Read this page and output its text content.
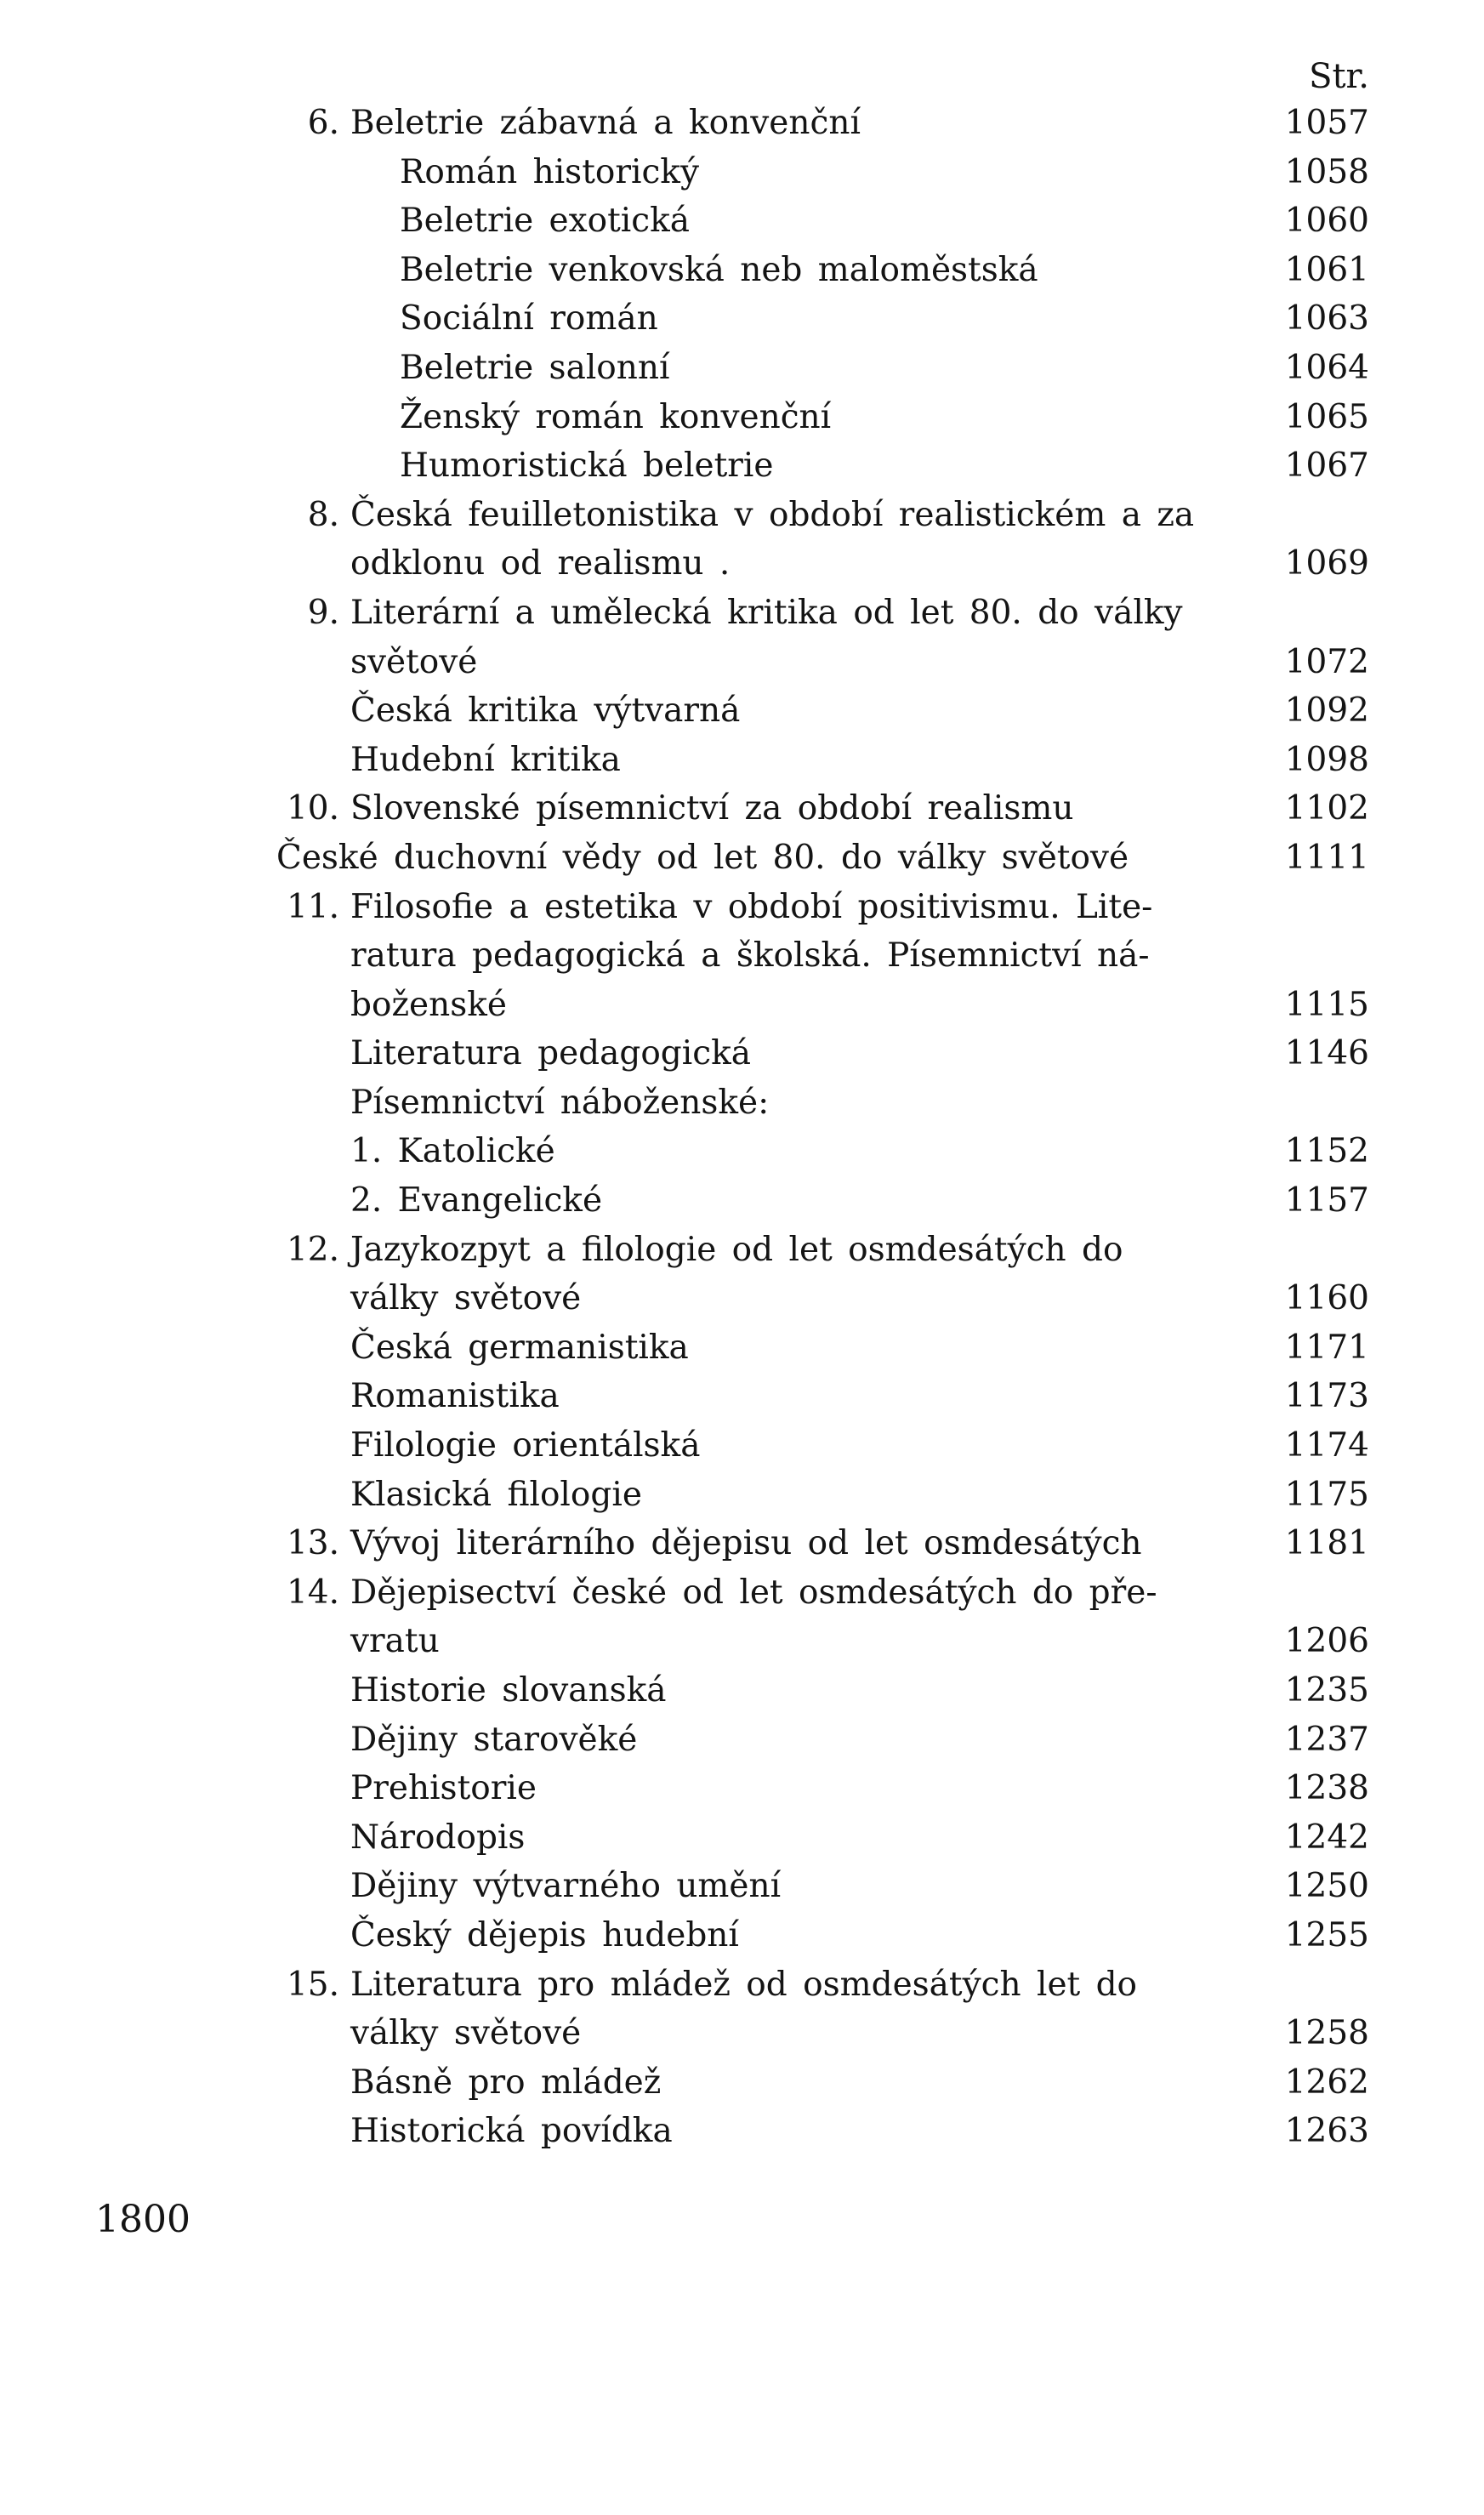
Str.
6. Beletrie zábavná a konvenční	1057
Román historický	1058
Beletrie exotická	1060
Beletrie venkovská neb maloměstská	1061
Sociální román	1063
Beletrie salonní	1064
Ženský román konvenční	1065
Humoristická beletrie	1067
8. Česká feuilletonistika v období realistickém a za
odklonu od realismu .	1069
9. Literární a umělecká kritika od let 80. do války
světové	1072
Česká kritika výtvarná	1092
Hudební kritika	1098
10. Slovenské písemnictví za období realismu	1102
České duchovní vědy od let 80. do války světové	1111
11. Filosofie a estetika v období positivismu. Lite-
ratura pedagogická a školská. Písemnictví ná-
boženské	1115
Literatura pedagogická	1146
Písemnictví náboženské:
1. Katolické	1152
2. Evangelické	1157
12. Jazykozpyt a filologie od let osmdesátých do
války světové	1160
Česká germanistika	1171
Romanistika	1173
Filologie orientálská	1174
Klasická filologie	1175
13. Vývoj literárního dějepisu od let osmdesátých	1181
14. Dějepisectví české od let osmdesátých do pře-
vratu	1206
Historie slovanská	1235
Dějiny starověké	1237
Prehistorie	1238
Národopis	1242
Dějiny výtvarného umění	1250
Český dějepis hudební	1255
15. Literatura pro mládež od osmdesátých let do
války světové	1258
Básně pro mládež	1262
Historická povídka	1263
1800
